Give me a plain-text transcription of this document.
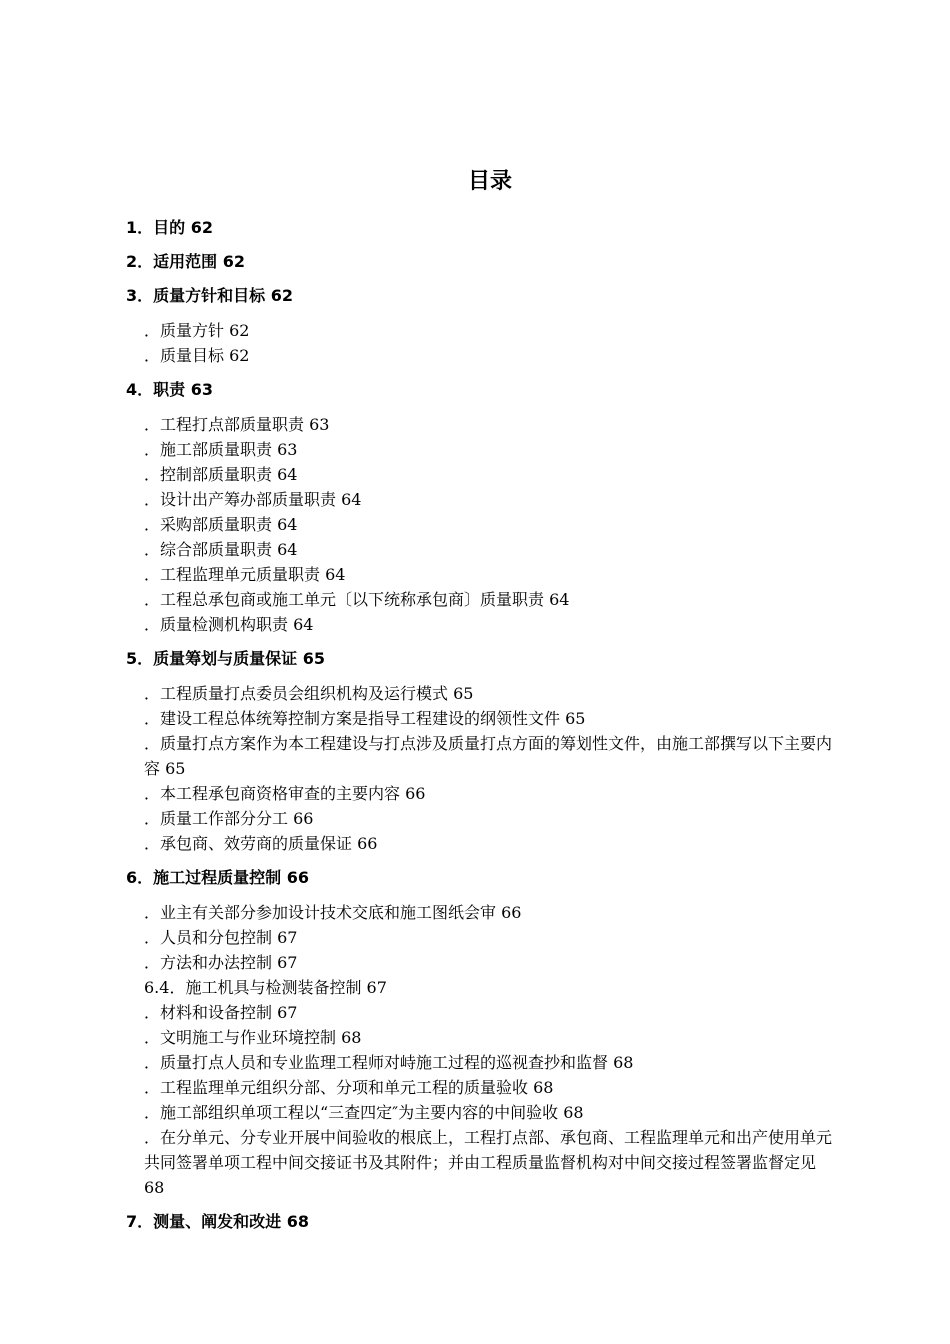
目录
1．目的 62
2．适用范围 62
3．质量方针和目标 62
．质量方针 62
．质量目标 62
4．职责 63
．工程打点部质量职责 63
．施工部质量职责 63
．控制部质量职责 64
．设计出产筹办部质量职责 64
．采购部质量职责 64
．综合部质量职责 64
．工程监理单元质量职责 64
．工程总承包商或施工单元〔以下统称承包商〕质量职责 64
．质量检测机构职责 64
5．质量筹划与质量保证 65
．工程质量打点委员会组织机构及运行模式 65
．建设工程总体统筹控制方案是指导工程建设的纲领性文件 65
．质量打点方案作为本工程建设与打点涉及质量打点方面的筹划性文件，由施工部撰写以下主要内容 65
．本工程承包商资格审查的主要内容 66
．质量工作部分分工 66
．承包商、效劳商的质量保证 66
6．施工过程质量控制 66
．业主有关部分参加设计技术交底和施工图纸会审 66
．人员和分包控制 67
．方法和办法控制 67
6.4．施工机具与检测装备控制 67
．材料和设备控制 67
．文明施工与作业环境控制 68
．质量打点人员和专业监理工程师对峙施工过程的巡视查抄和监督 68
．工程监理单元组织分部、分项和单元工程的质量验收 68
．施工部组织单项工程以“三查四定″为主要内容的中间验收 68
．在分单元、分专业开展中间验收的根底上，工程打点部、承包商、工程监理单元和出产使用单元共同签署单项工程中间交接证书及其附件；并由工程质量监督机构对中间交接过程签署监督定见 68
7．测量、阐发和改进 68
